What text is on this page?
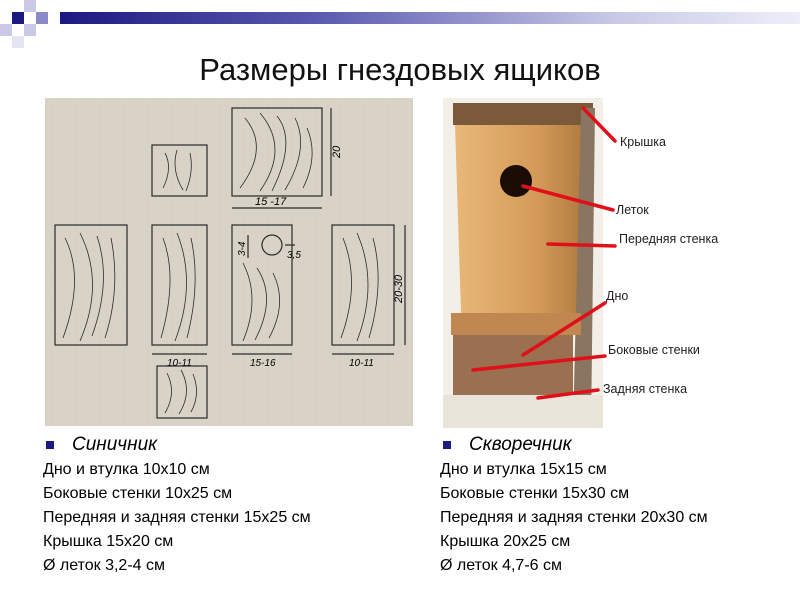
Размеры гнездовых ящиков
20
15 -17
3-4	3,5
20-30
10-11	15-16	10-11
Крышка
Леток
Передняя стенка
Дно
Боковые стенки
Задняя стенка
Синичник
Дно и втулка 10х10 см
Боковые стенки 10х25 см
Передняя и задняя стенки 15х25 см
Крышка 15х20 см
Ø леток 3,2-4 см
Скворечник
Дно и втулка 15х15 см
Боковые стенки 15х30 см
Передняя и задняя стенки 20х30 см
Крышка 20х25 см
Ø леток 4,7-6 см
